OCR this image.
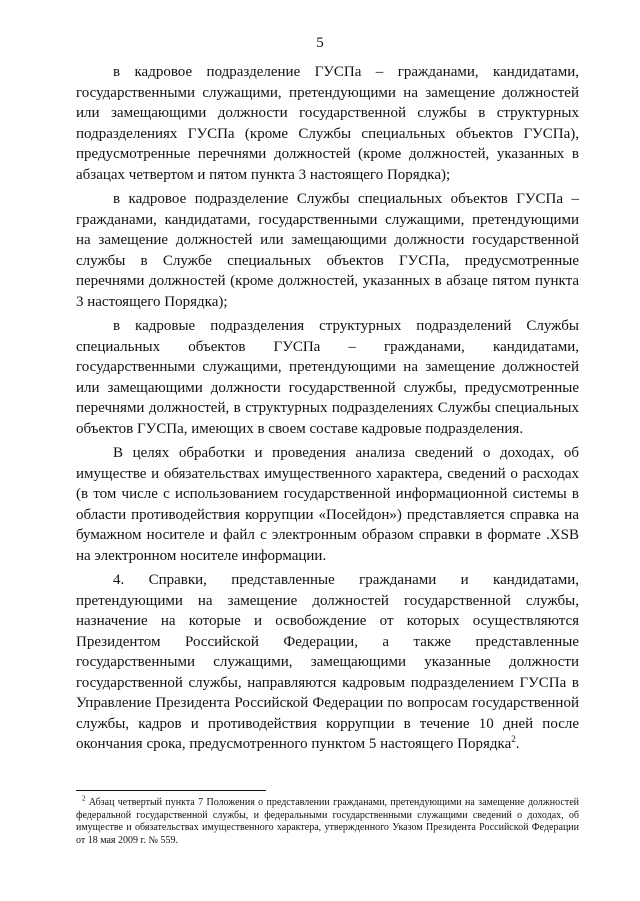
5

в кадровое подразделение ГУСПа – гражданами, кандидатами, государственными служащими, претендующими на замещение должностей или замещающими должности государственной службы в структурных подразделениях ГУСПа (кроме Службы специальных объектов ГУСПа), предусмотренные перечнями должностей (кроме должностей, указанных в абзацах четвертом и пятом пункта 3 настоящего Порядка);

в кадровое подразделение Службы специальных объектов ГУСПа – гражданами, кандидатами, государственными служащими, претендующими на замещение должностей или замещающими должности государственной службы в Службе специальных объектов ГУСПа, предусмотренные перечнями должностей (кроме должностей, указанных в абзаце пятом пункта 3 настоящего Порядка);

в кадровые подразделения структурных подразделений Службы специальных объектов ГУСПа – гражданами, кандидатами, государственными служащими, претендующими на замещение должностей или замещающими должности государственной службы, предусмотренные перечнями должностей, в структурных подразделениях Службы специальных объектов ГУСПа, имеющих в своем составе кадровые подразделения.

В целях обработки и проведения анализа сведений о доходах, об имуществе и обязательствах имущественного характера, сведений о расходах (в том числе с использованием государственной информационной системы в области противодействия коррупции «Посейдон») представляется справка на бумажном носителе и файл с электронным образом справки в формате .XSB на электронном носителе информации.

4. Справки, представленные гражданами и кандидатами, претендующими на замещение должностей государственной службы, назначение на которые и освобождение от которых осуществляются Президентом Российской Федерации, а также представленные государственными служащими, замещающими указанные должности государственной службы, направляются кадровым подразделением ГУСПа в Управление Президента Российской Федерации по вопросам государственной службы, кадров и противодействия коррупции в течение 10 дней после окончания срока, предусмотренного пунктом 5 настоящего Порядка$^2$.

$^2$ Абзац четвертый пункта 7 Положения о представлении гражданами, претендующими на замещение должностей федеральной государственной службы, и федеральными государственными служащими сведений о доходах, об имуществе и обязательствах имущественного характера, утвержденного Указом Президента Российской Федерации от 18 мая 2009 г. № 559.
